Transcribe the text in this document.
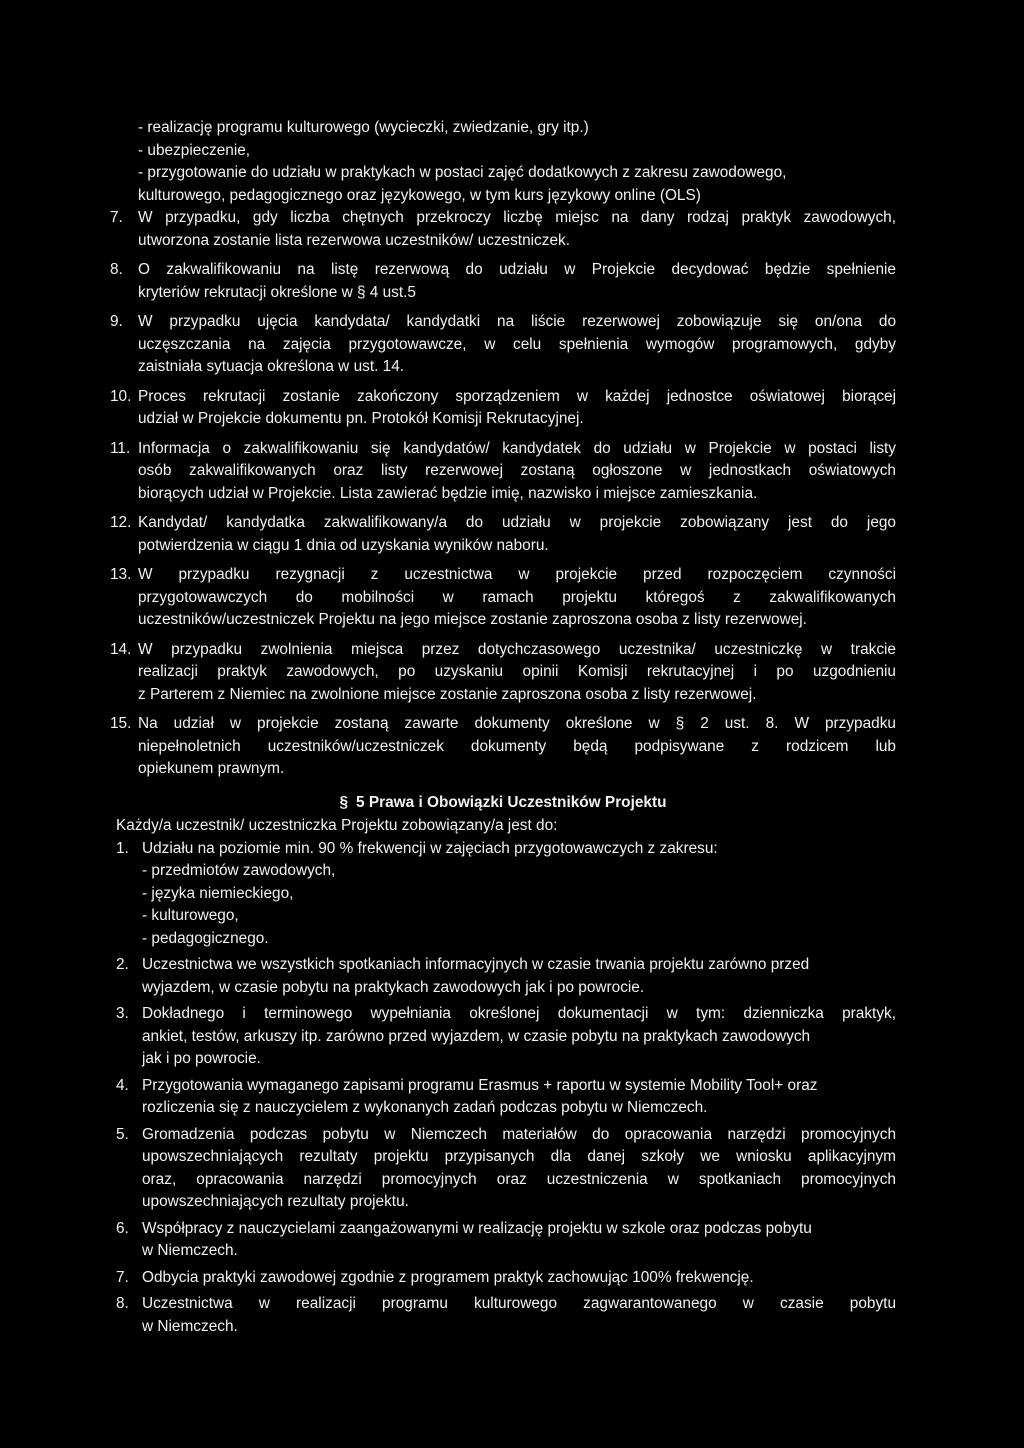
- realizację programu kulturowego (wycieczki, zwiedzanie, gry itp.)
- ubezpieczenie,
- przygotowanie do udziału w praktykach w postaci zajęć dodatkowych z zakresu zawodowego,
kulturowego, pedagogicznego oraz językowego, w tym kurs językowy online (OLS)
7. W przypadku, gdy liczba chętnych przekroczy liczbę miejsc na dany rodzaj praktyk zawodowych,
utworzona zostanie lista rezerwowa uczestników/ uczestniczek.
8. O zakwalifikowaniu na listę rezerwową do udziału w Projekcie decydować będzie spełnienie
kryteriów rekrutacji określone w § 4 ust.5
9. W przypadku ujęcia kandydata/ kandydatki na liście rezerwowej zobowiązuje się on/ona do
uczęszczania na zajęcia przygotowawcze, w celu spełnienia wymogów programowych, gdyby
zaistniała sytuacja określona w ust. 14.
10. Proces rekrutacji zostanie zakończony sporządzeniem w każdej jednostce oświatowej biorącej
udział w Projekcie dokumentu pn. Protokół Komisji Rekrutacyjnej.
11. Informacja o zakwalifikowaniu się kandydatów/ kandydatek do udziału w Projekcie w postaci listy
osób zakwalifikowanych oraz listy rezerwowej zostaną ogłoszone w jednostkach oświatowych
biorących udział w Projekcie. Lista zawierać będzie imię, nazwisko i miejsce zamieszkania.
12. Kandydat/ kandydatka zakwalifikowany/a do udziału w projekcie zobowiązany jest do jego
potwierdzenia w ciągu 1 dnia od uzyskania wyników naboru.
13. W przypadku rezygnacji z uczestnictwa w projekcie przed rozpoczęciem czynności
przygotowawczych do mobilności w ramach projektu któregoś z zakwalifikowanych
uczestników/uczestniczek Projektu na jego miejsce zostanie zaproszona osoba z listy rezerwowej.
14. W przypadku zwolnienia miejsca przez dotychczasowego uczestnika/ uczestniczkę w trakcie
realizacji praktyk zawodowych, po uzyskaniu opinii Komisji rekrutacyjnej i po uzgodnieniu
z Parterem z Niemiec na zwolnione miejsce zostanie zaproszona osoba z listy rezerwowej.
15. Na udział w projekcie zostaną zawarte dokumenty określone w § 2 ust. 8. W przypadku
niepełnoletnich uczestników/uczestniczek dokumenty będą podpisywane z rodzicem lub
opiekunem prawnym.
§ 5 Prawa i Obowiązki Uczestników Projektu
Każdy/a uczestnik/ uczestniczka Projektu zobowiązany/a jest do:
1. Udziału na poziomie min. 90 % frekwencji w zajęciach przygotowawczych z zakresu:
- przedmiotów zawodowych,
- języka niemieckiego,
- kulturowego,
- pedagogicznego.
2. Uczestnictwa we wszystkich spotkaniach informacyjnych w czasie trwania projektu zarówno przed
wyjazdem, w czasie pobytu na praktykach zawodowych jak i po powrocie.
3. Dokładnego i terminowego wypełniania określonej dokumentacji w tym: dzienniczka praktyk,
ankiet, testów, arkuszy itp. zarówno przed wyjazdem, w czasie pobytu na praktykach zawodowych
jak i po powrocie.
4. Przygotowania wymaganego zapisami programu Erasmus + raportu w systemie Mobility Tool+ oraz
rozliczenia się z nauczycielem z wykonanych zadań podczas pobytu w Niemczech.
5. Gromadzenia podczas pobytu w Niemczech materiałów do opracowania narzędzi promocyjnych
upowszechniających rezultaty projektu przypisanych dla danej szkoły we wniosku aplikacyjnym
oraz, opracowania narzędzi promocyjnych oraz uczestniczenia w spotkaniach promocyjnych
upowszechniających rezultaty projektu.
6. Współpracy z nauczycielami zaangażowanymi w realizację projektu w szkole oraz podczas pobytu
w Niemczech.
7. Odbycia praktyki zawodowej zgodnie z programem praktyk zachowując 100% frekwencję.
8. Uczestnictwa w realizacji programu kulturowego zagwarantowanego w czasie pobytu
w Niemczech.
